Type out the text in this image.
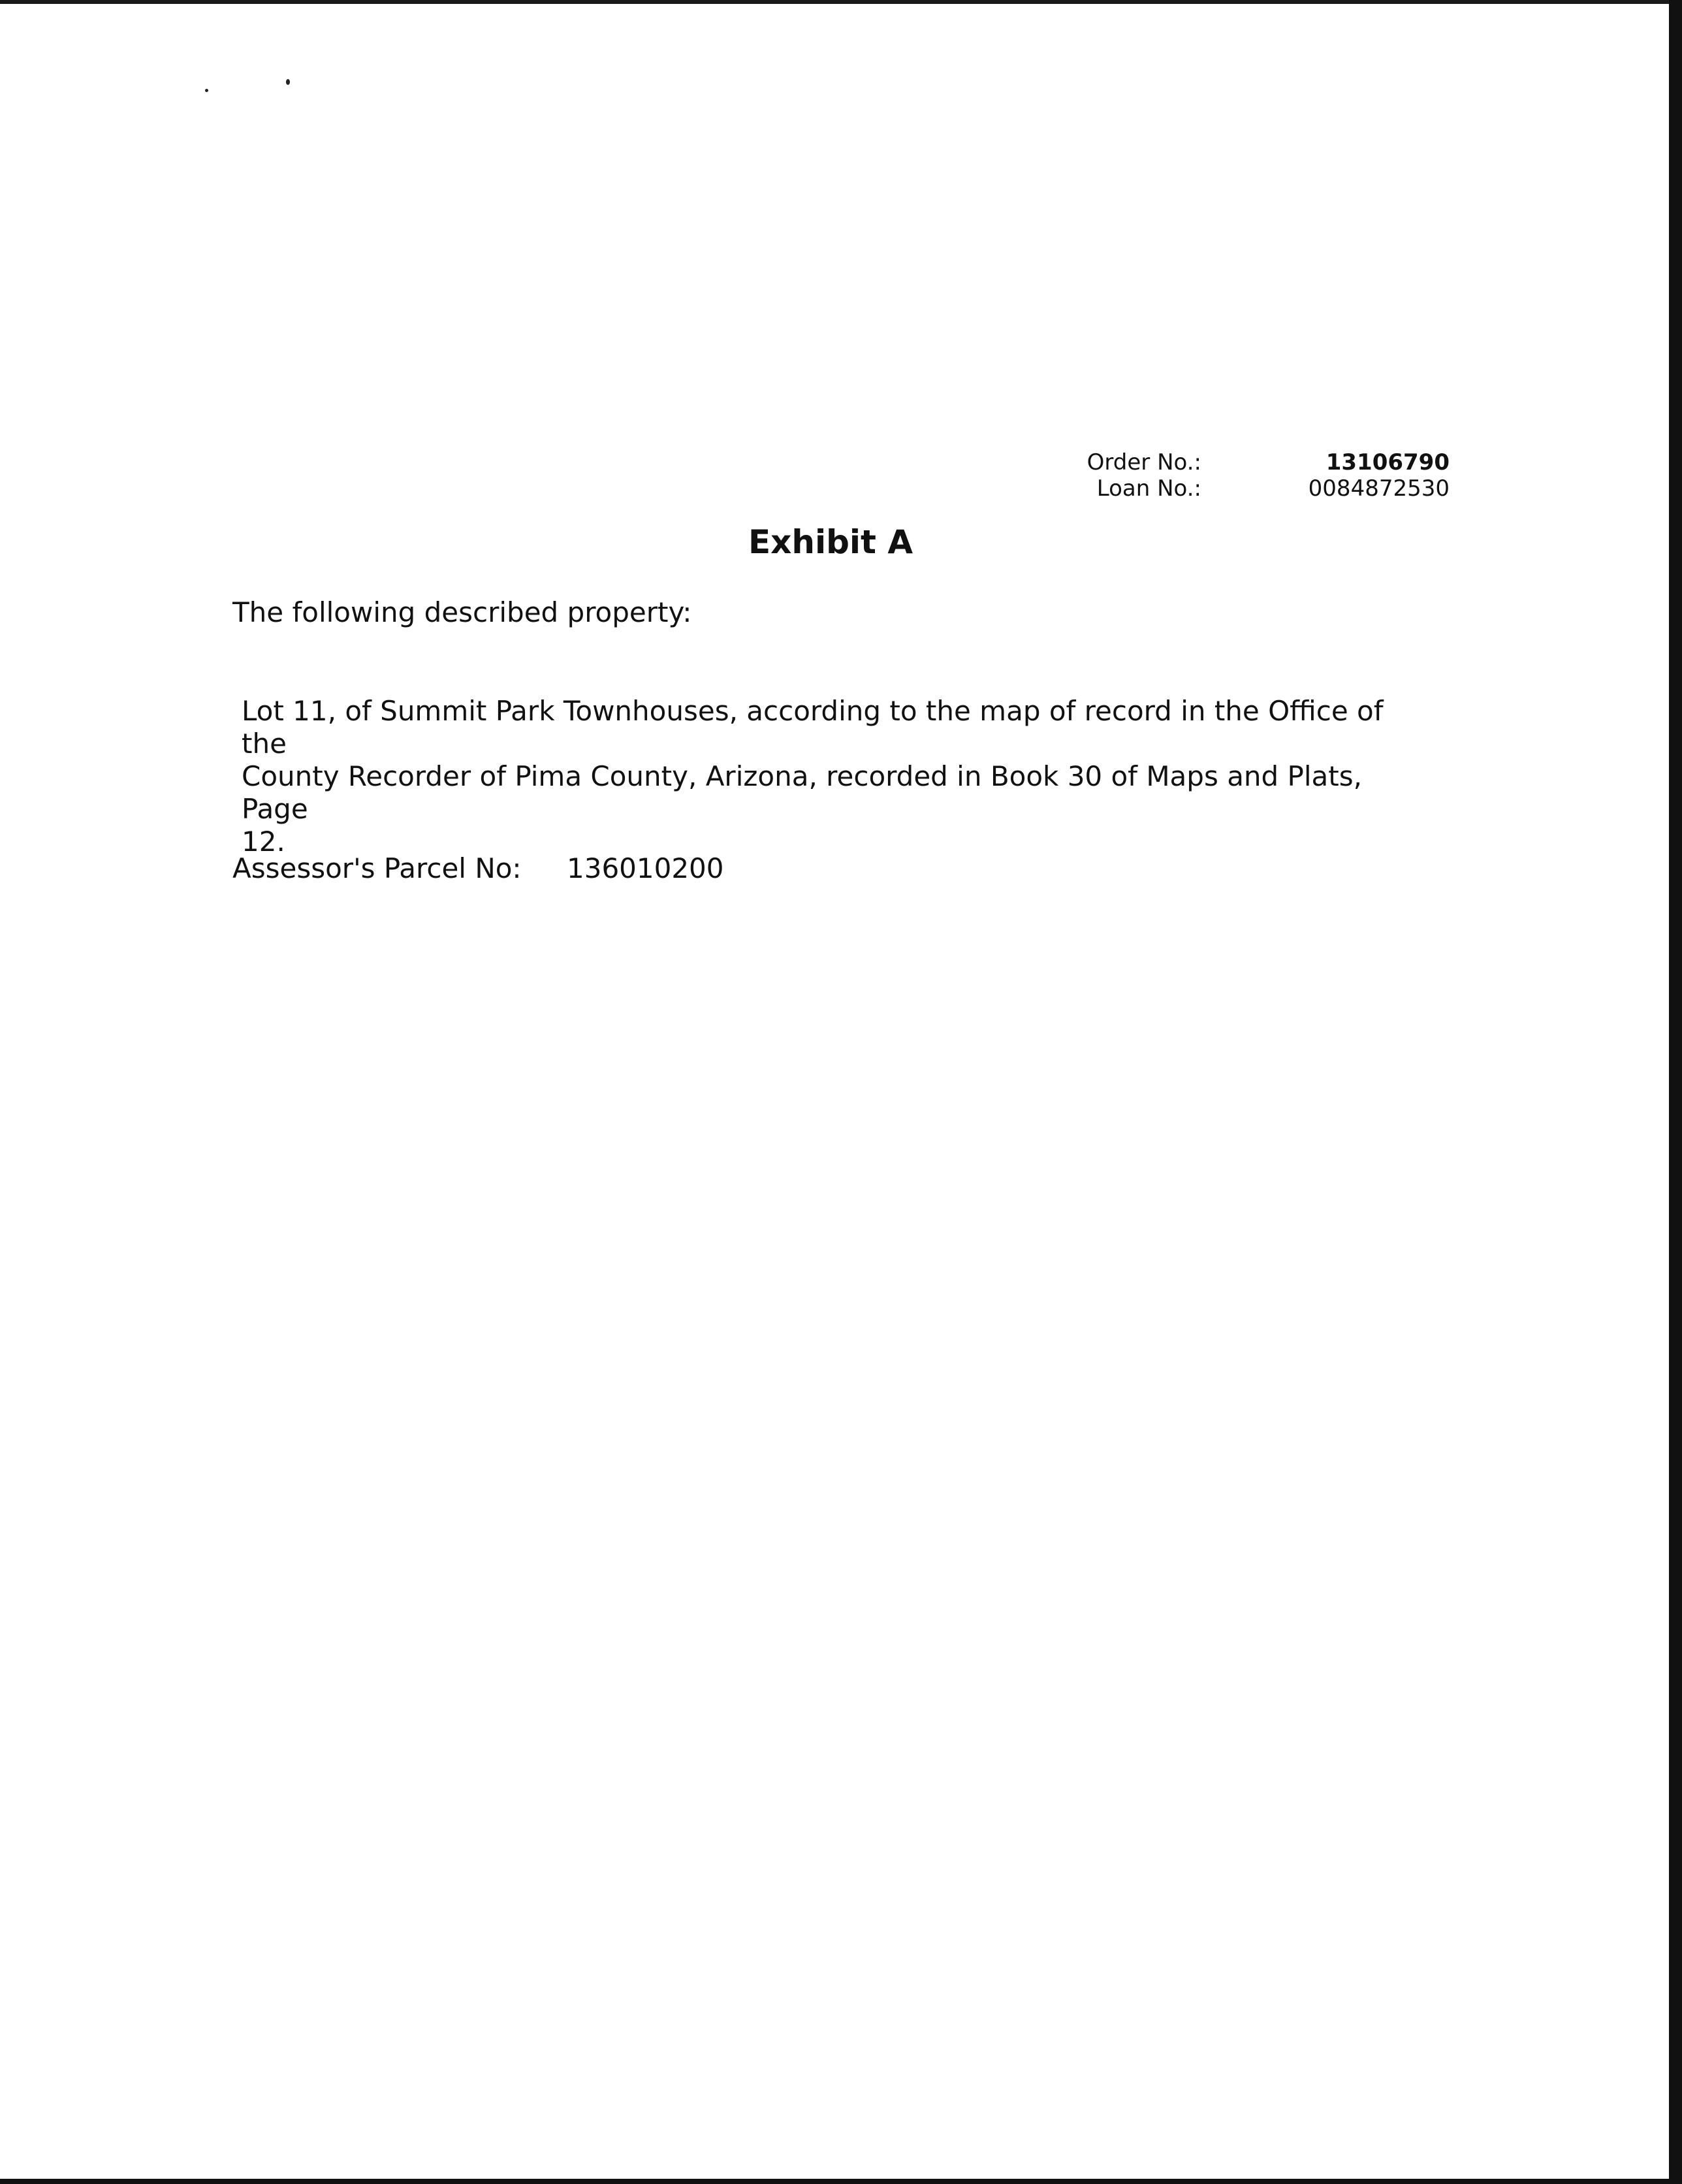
Order No.:	13106790
Loan No.:	0084872530
Exhibit A
The following described property:
Lot 11, of Summit Park Townhouses, according to the map of record in the Office of the
County Recorder of Pima County, Arizona, recorded in Book 30 of Maps and Plats, Page
12.
Assessor's Parcel No:	136010200
